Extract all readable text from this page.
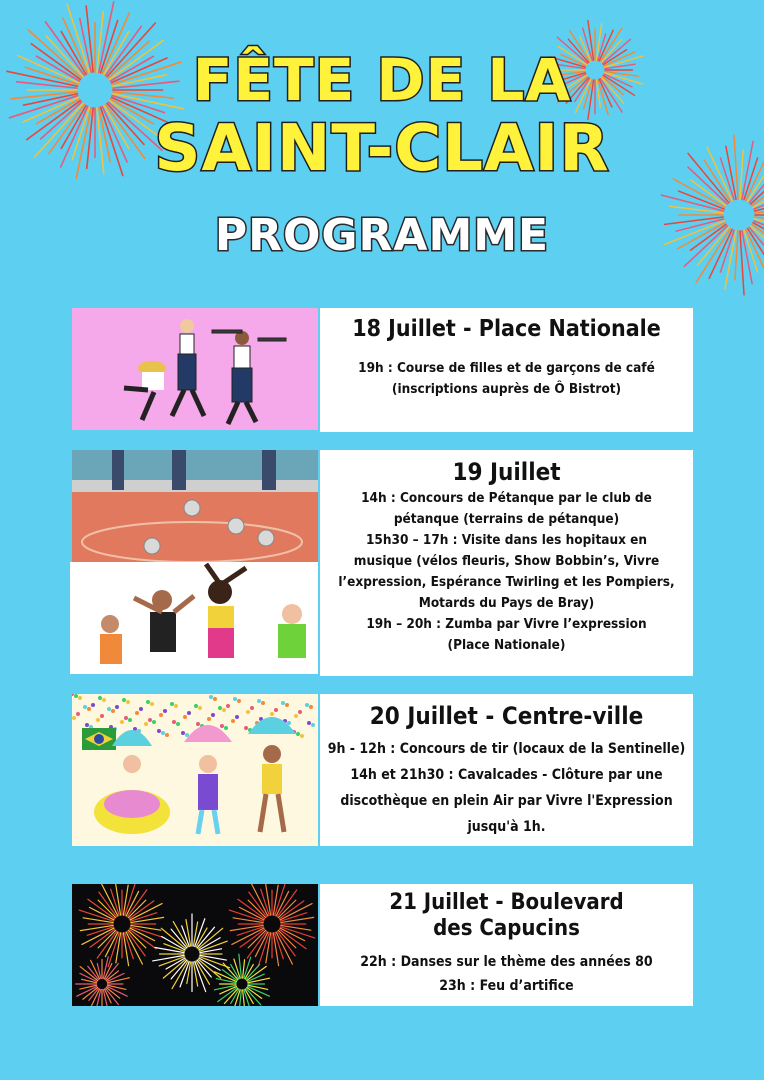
FÊTE DE LA
SAINT-CLAIR
PROGRAMME
18 Juillet - Place Nationale
19h : Course de filles et de garçons de café
(inscriptions auprès de Ô Bistrot)
19 Juillet
14h : Concours de Pétanque par le club de
pétanque (terrains de pétanque)
15h30 – 17h : Visite dans les hopitaux en
musique (vélos fleuris, Show Bobbin’s, Vivre
l’expression, Espérance Twirling et les Pompiers,
Motards du Pays de Bray)
19h – 20h : Zumba par Vivre l’expression
(Place Nationale)
20 Juillet - Centre-ville
9h - 12h : Concours de tir (locaux de la Sentinelle)
14h et 21h30 : Cavalcades - Clôture par une
discothèque en plein Air par Vivre l'Expression
jusqu'à 1h.
21 Juillet - Boulevard
des Capucins
22h : Danses sur le thème des années 80
23h : Feu d’artifice
